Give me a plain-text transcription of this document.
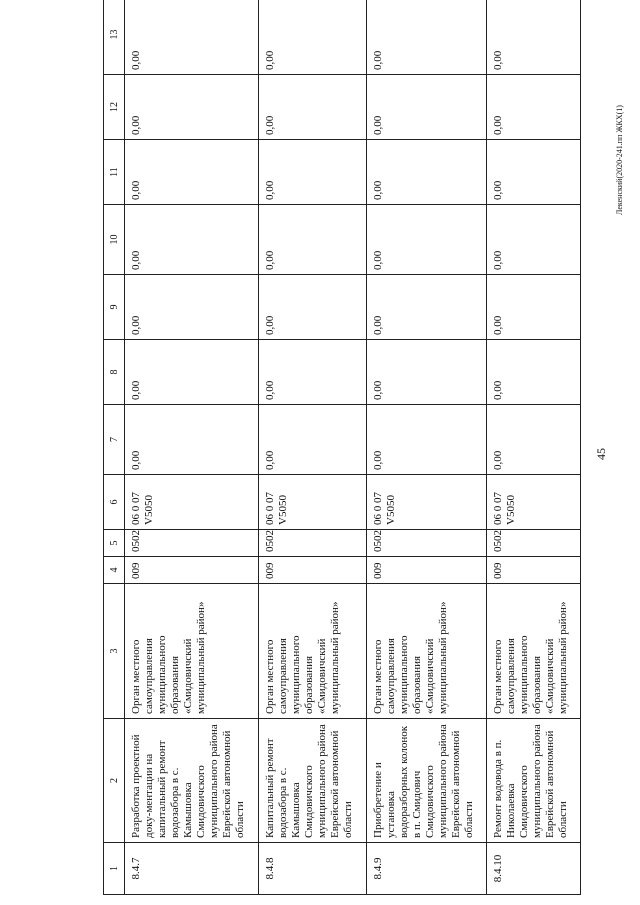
45
1	2	3	4	5	6	7	8	9	10	11	12	13
8.4.7	Разработка проектной доку-ментации на капитальный ремонт водозабора в с. Камышовка Смидовичского муниципального района Еврейской автономной области	Орган местного самоуправления муниципального образования «Смидовичский муниципальный район»	009	0502	06 0 07 V5050	0,00	0,00	0,00	0,00	0,00	0,00	0,00
8.4.8	Капитальный ремонт водозабора в с. Камышовка Смидовичского муниципального района Еврейской автономной области	Орган местного самоуправления муниципального образования «Смидовичский муниципальный район»	009	0502	06 0 07 V5050	0,00	0,00	0,00	0,00	0,00	0,00	0,00
8.4.9	Приобретение и установка водоразборных колонок в п. Смидович Смидовичского муниципального района Еврейской автономной области	Орган местного самоуправления муниципального образования «Смидовичский муниципальный район»	009	0502	06 0 07 V5050	0,00	0,00	0,00	0,00	0,00	0,00	0,00
8.4.10	Ремонт водовода в п. Николаевка Смидовичского муниципального района Еврейской автономной области	Орган местного самоуправления муниципального образования «Смидовичский муниципальный район»	009	0502	06 0 07 V5050	0,00	0,00	0,00	0,00	0,00	0,00	0,00
Лекенский(2020-241.пп ЖКХ(1)
